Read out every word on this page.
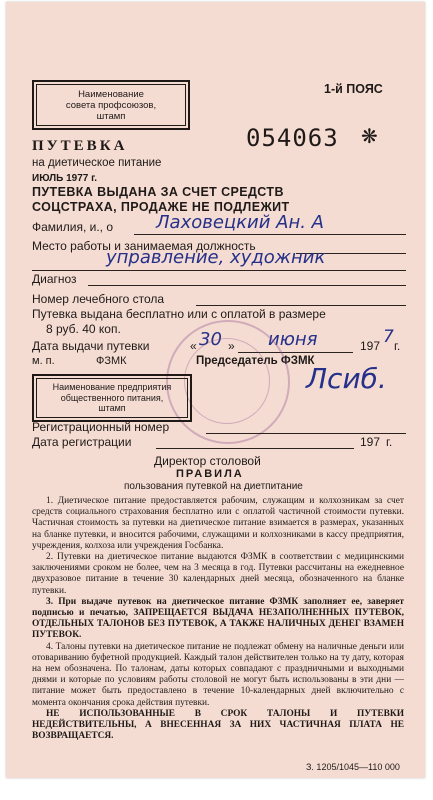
Наименование
совета профсоюзов,
штамп
1-й ПОЯС
ПУТЕВКА
на диетическое питание
ИЮЛЬ 1977 г.
054063 ❋
ПУТЕВКА ВЫДАНА ЗА СЧЕТ СРЕДСТВ
СОЦСТРАХА, ПРОДАЖЕ НЕ ПОДЛЕЖИТ
Фамилия, и., о Лаховецкий Ан. А
Место работы и занимаемая должность
управление, художник
Диагноз
Номер лечебного стола
Путевка выдана бесплатно или с оплатой в размере
8 руб. 40 коп.
Дата выдачи путевки	« 30 » июня	197 7 г.
м. п.	ФЗМК	Председатель ФЗМК
Наименование предприятия
общественного питания,
штамп
Лсиб.
Регистрационный номер
Дата регистрации	197 г.
Директор столовой
ПРАВИЛА
пользования путевкой на диетпитание

1. Диетическое питание предоставляется рабочим, служащим и колхозникам за счет средств социального страхования бесплатно или с оплатой частичной стоимости путевки. Частичная стоимость за путевки на диетическое питание взимается в размерах, указанных на бланке путевки, и вносится рабочими, служащими и колхозниками в кассу предприятия, учреждения, колхоза или учреждения Госбанка.

2. Путевки на диетическое питание выдаются ФЗМК в соответствии с медицинскими заключениями сроком не более, чем на 3 месяца в год. Путевки рассчитаны на ежедневное двухразовое питание в течение 30 календарных дней месяца, обозначенного на бланке путевки.

3. При выдаче путевок на диетическое питание ФЗМК заполняет ее, заверяет подписью и печатью, ЗАПРЕЩАЕТСЯ ВЫДАЧА НЕЗАПОЛНЕННЫХ ПУТЕВОК, ОТДЕЛЬНЫХ ТАЛОНОВ БЕЗ ПУТЕВОК, А ТАКЖЕ НАЛИЧНЫХ ДЕНЕГ ВЗАМЕН ПУТЕВОК.

4. Талоны путевки на диетическое питание не подлежат обмену на наличные деньги или отовариванию буфетной продукцией. Каждый талон действителен только на ту дату, которая на нем обозначена. По талонам, даты которых совпадают с праздничными и выходными днями и которые по условиям работы столовой не могут быть использованы в эти дни — питание может быть предоставлено в течение 10-календарных дней включительно с момента окончания срока действия путевки.

НЕ ИСПОЛЬЗОВАННЫЕ В СРОК ТАЛОНЫ И ПУТЕВКИ НЕДЕЙСТВИТЕЛЬНЫ, А ВНЕСЕННАЯ ЗА НИХ ЧАСТИЧНАЯ ПЛАТА НЕ ВОЗВРАЩАЕТСЯ.

З. 1205/1045—110 000
